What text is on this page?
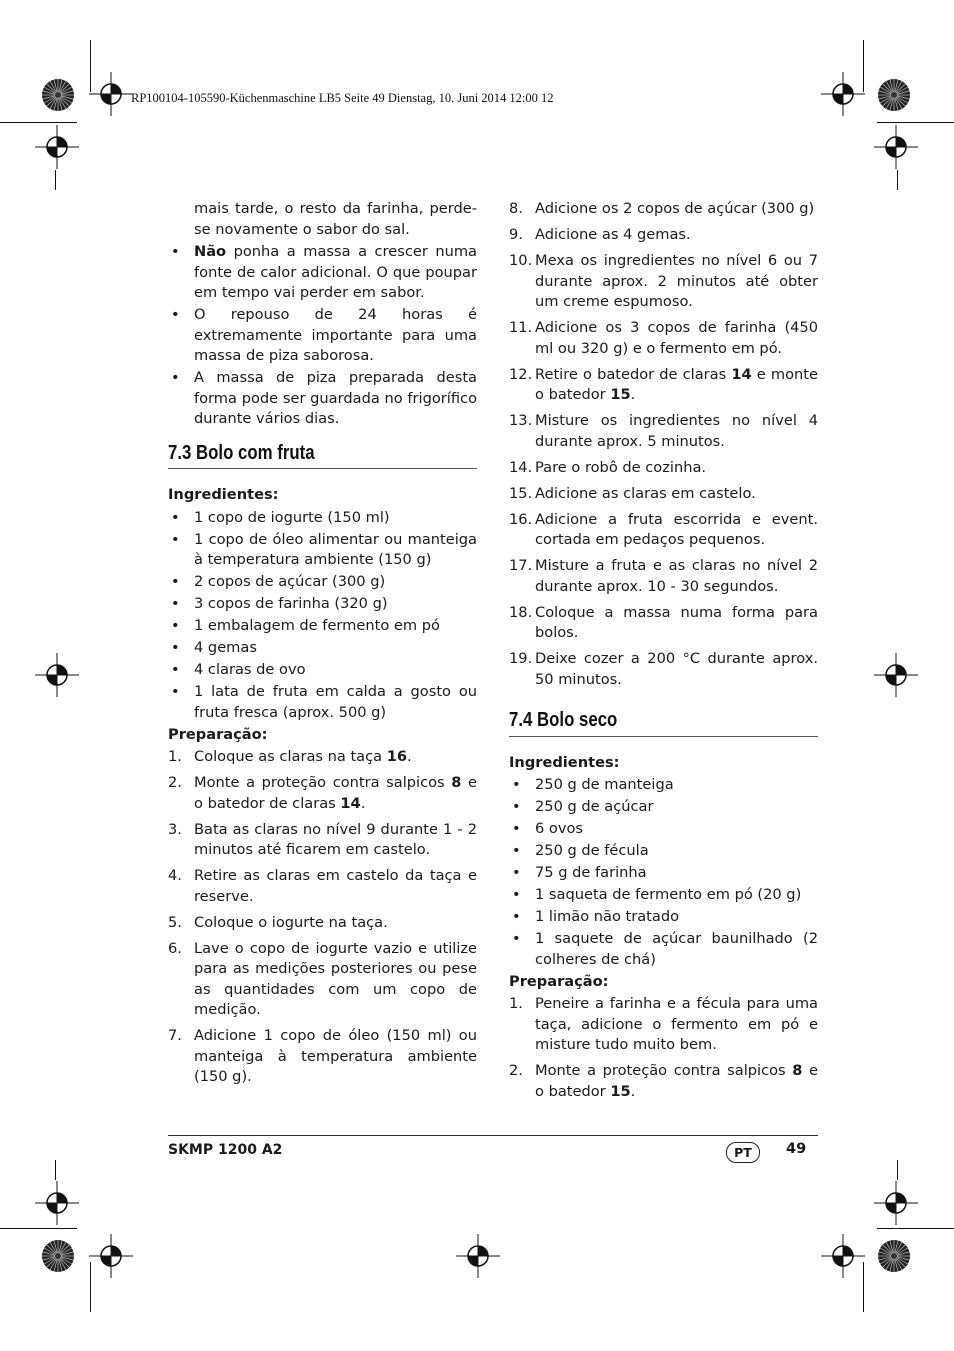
RP100104-105590-Küchenmaschine LB5 Seite 49 Dienstag, 10. Juni 2014 12:00 12
mais tarde, o resto da farinha, perde-se novamente o sabor do sal.
• Não ponha a massa a crescer numa fonte de calor adicional. O que poupar em tempo vai perder em sabor.
• O repouso de 24 horas é extremamente importante para uma massa de piza saborosa.
• A massa de piza preparada desta forma pode ser guardada no frigorífico durante vários dias.
7.3 Bolo com fruta
Ingredientes:
• 1 copo de iogurte (150 ml)
• 1 copo de óleo alimentar ou manteiga à temperatura ambiente (150 g)
• 2 copos de açúcar (300 g)
• 3 copos de farinha (320 g)
• 1 embalagem de fermento em pó
• 4 gemas
• 4 claras de ovo
• 1 lata de fruta em calda a gosto ou fruta fresca (aprox. 500 g)
Preparação:
1. Coloque as claras na taça 16.
2. Monte a proteção contra salpicos 8 e o batedor de claras 14.
3. Bata as claras no nível 9 durante 1 - 2 minutos até ficarem em castelo.
4. Retire as claras em castelo da taça e reserve.
5. Coloque o iogurte na taça.
6. Lave o copo de iogurte vazio e utilize para as medições posteriores ou pese as quantidades com um copo de medição.
7. Adicione 1 copo de óleo (150 ml) ou manteiga à temperatura ambiente (150 g).
8. Adicione os 2 copos de açúcar (300 g)
9. Adicione as 4 gemas.
10. Mexa os ingredientes no nível 6 ou 7 durante aprox. 2 minutos até obter um creme espumoso.
11. Adicione os 3 copos de farinha (450 ml ou 320 g) e o fermento em pó.
12. Retire o batedor de claras 14 e monte o batedor 15.
13. Misture os ingredientes no nível 4 durante aprox. 5 minutos.
14. Pare o robô de cozinha.
15. Adicione as claras em castelo.
16. Adicione a fruta escorrida e event. cortada em pedaços pequenos.
17. Misture a fruta e as claras no nível 2 durante aprox. 10 - 30 segundos.
18. Coloque a massa numa forma para bolos.
19. Deixe cozer a 200 °C durante aprox. 50 minutos.
7.4 Bolo seco
Ingredientes:
• 250 g de manteiga
• 250 g de açúcar
• 6 ovos
• 250 g de fécula
• 75 g de farinha
• 1 saqueta de fermento em pó (20 g)
• 1 limão não tratado
• 1 saquete de açúcar baunilhado (2 colheres de chá)
Preparação:
1. Peneire a farinha e a fécula para uma taça, adicione o fermento em pó e misture tudo muito bem.
2. Monte a proteção contra salpicos 8 e o batedor 15.
SKMP 1200 A2	PT	49
